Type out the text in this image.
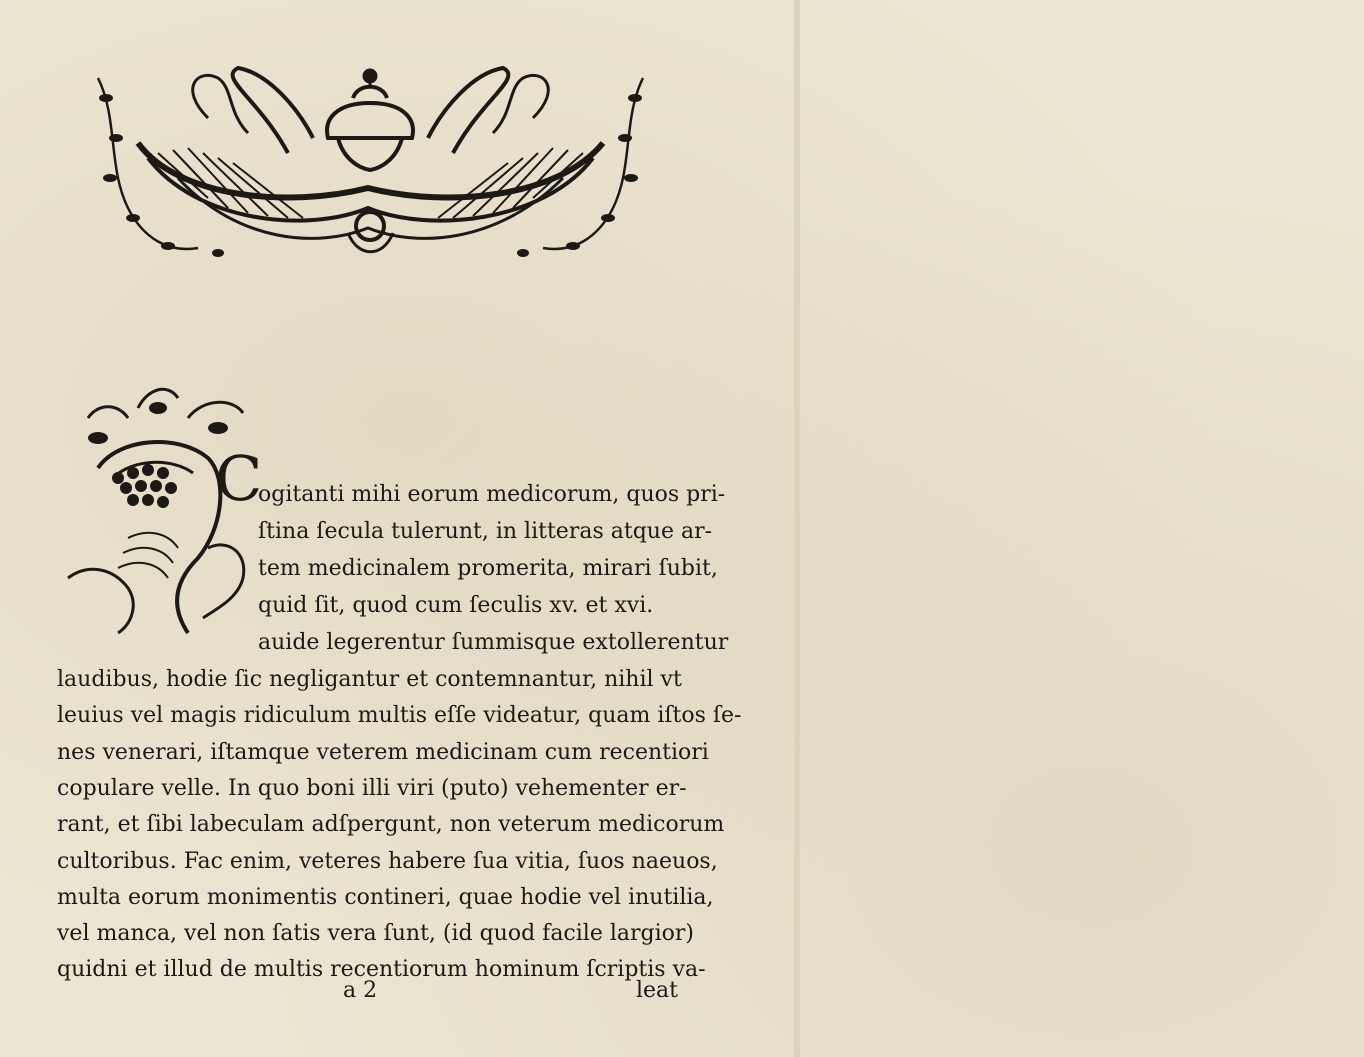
C
ogitanti mihi eorum medicorum, quos pri-
ſtina ſecula tulerunt, in litteras atque ar-
tem medicinalem promerita, mirari ſubit,
quid ſit, quod cum ſeculis xv. et xvi.
auide legerentur ſummisque extollerentur
laudibus, hodie ſic negligantur et contemnantur, nihil vt
leuius vel magis ridiculum multis eſſe videatur, quam iſtos ſe-
nes venerari, iſtamque veterem medicinam cum recentiori
copulare velle. In quo boni illi viri (puto) vehementer er-
rant, et ſibi labeculam adſpergunt, non veterum medicorum
cultoribus. Fac enim, veteres habere ſua vitia, ſuos naeuos,
multa eorum monimentis contineri, quae hodie vel inutilia,
vel manca, vel non ſatis vera ſunt, (id quod facile largior)
quidni et illud de multis recentiorum hominum ſcriptis va-
a 2	leat
